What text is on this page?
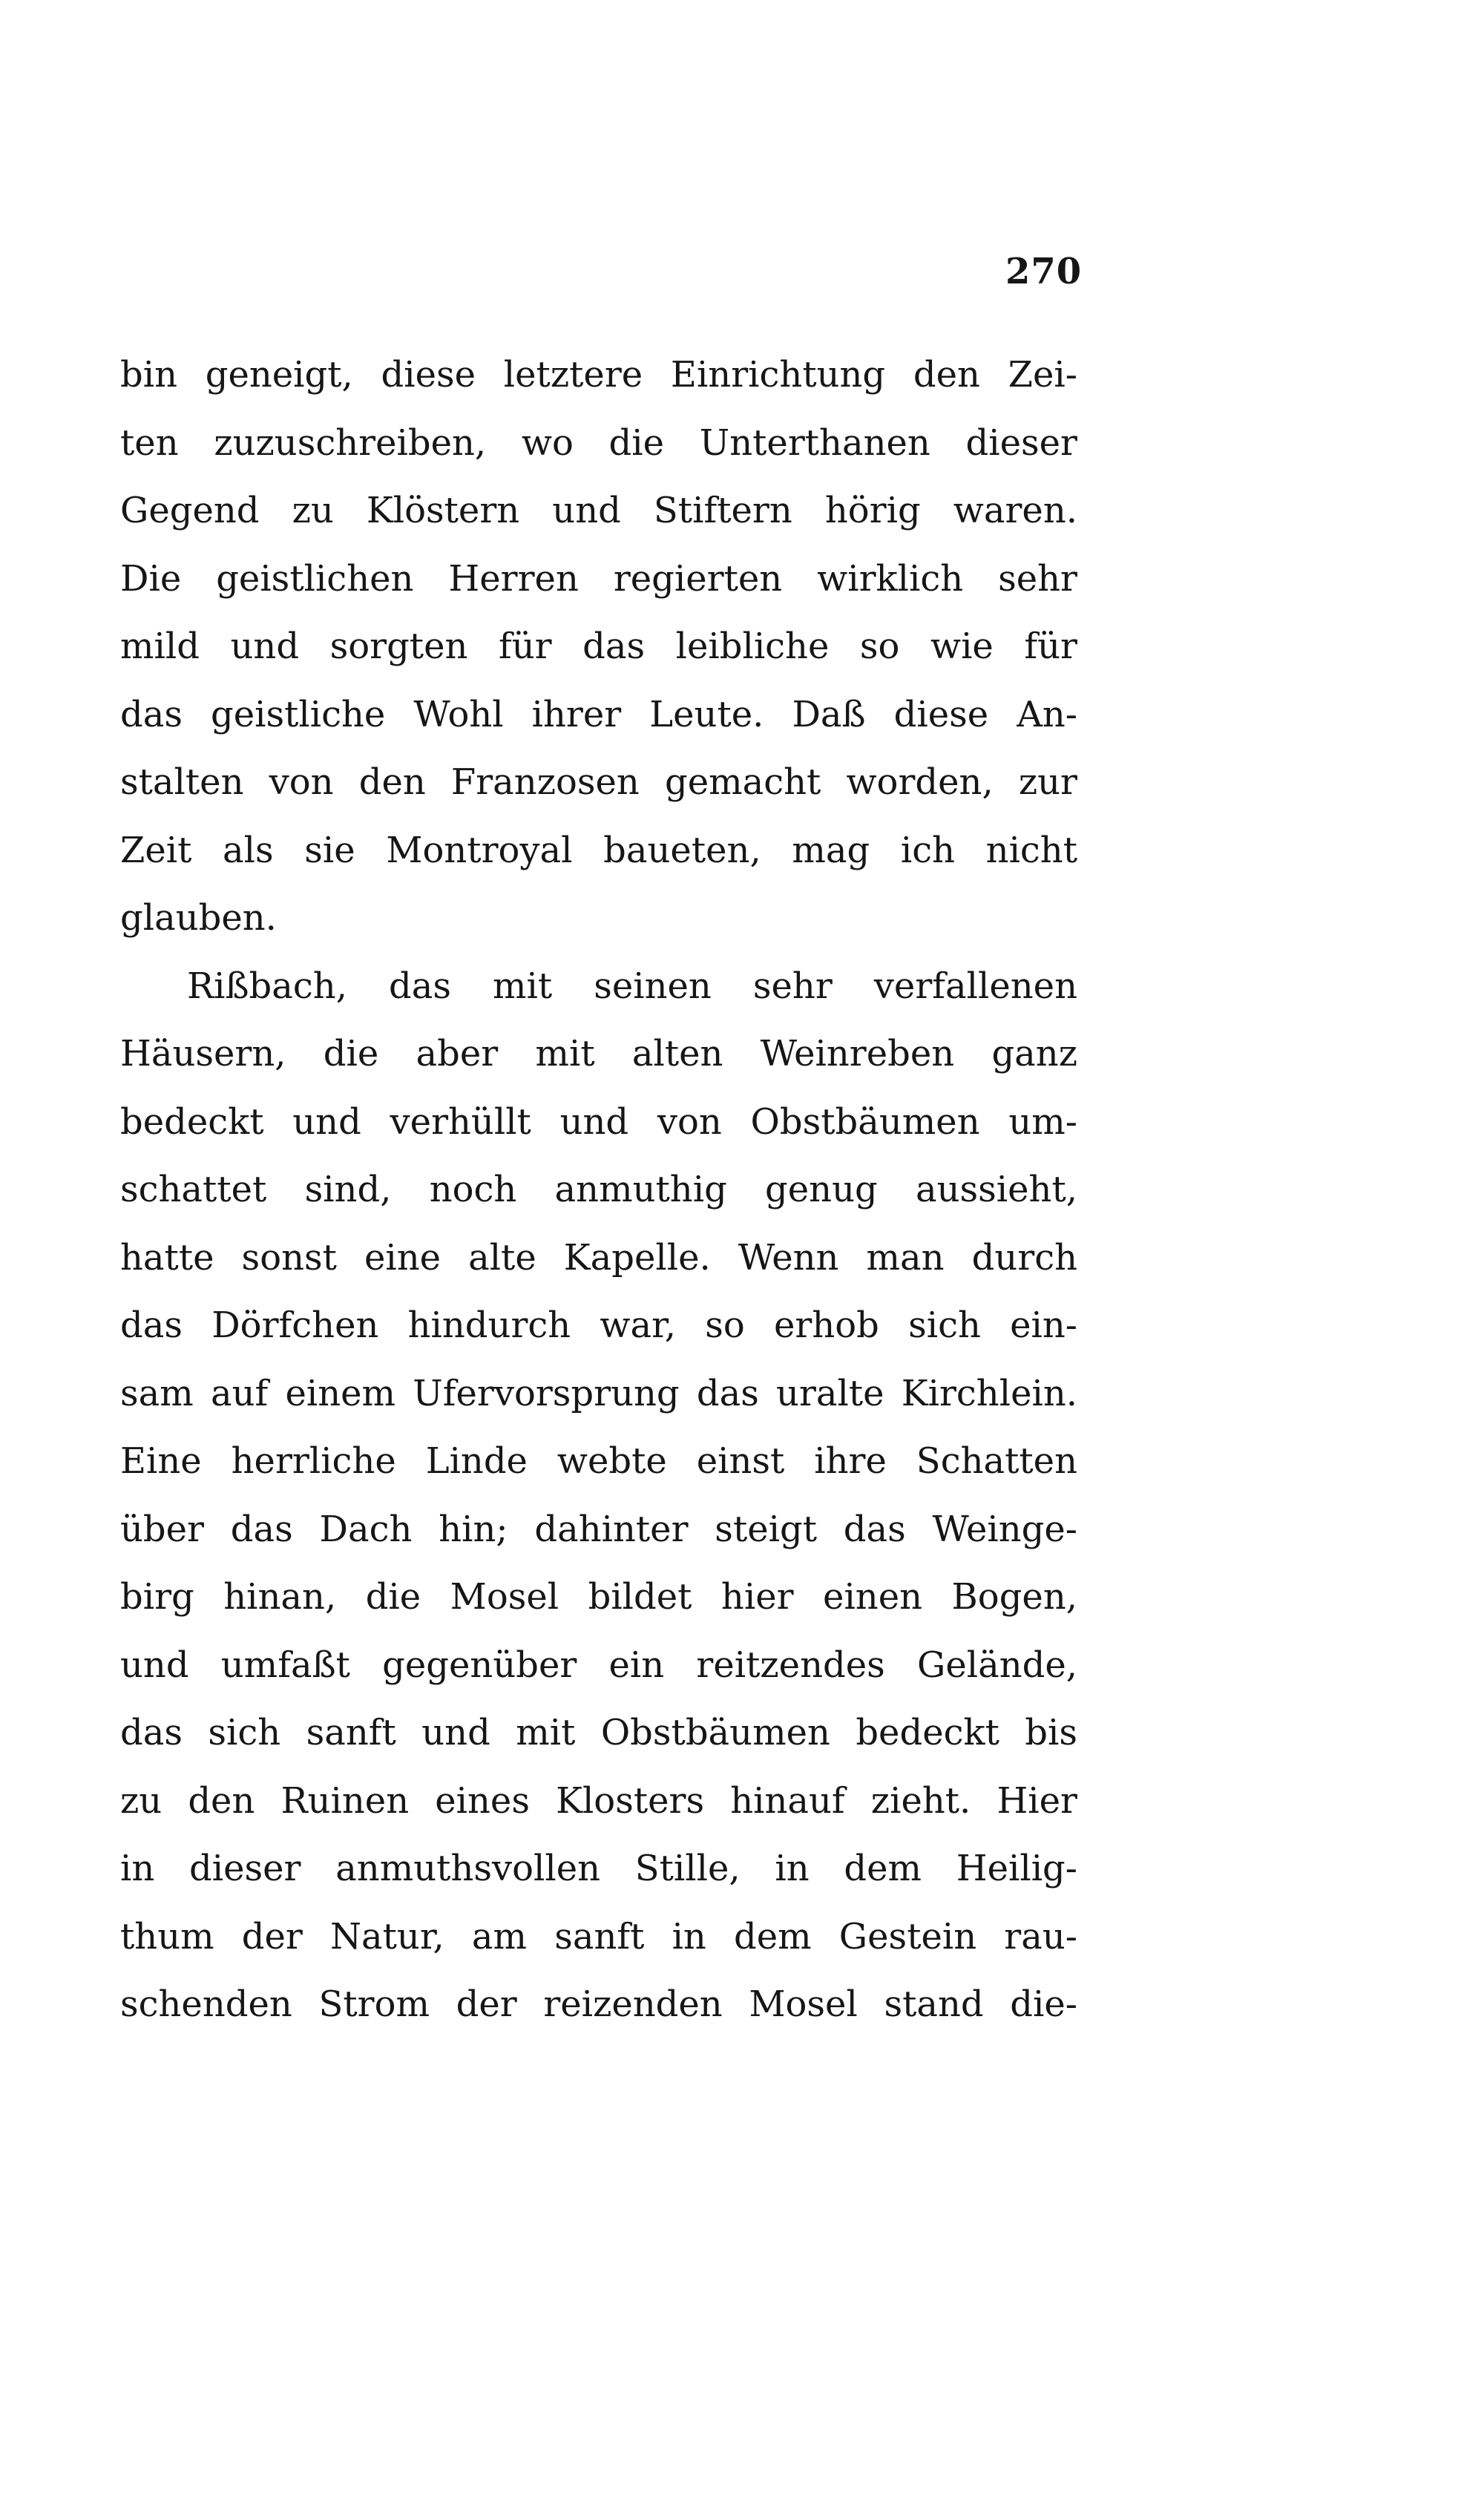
270
bin geneigt, diese letztere Einrichtung den Zei-
ten zuzuschreiben, wo die Unterthanen dieser
Gegend zu Klöstern und Stiftern hörig waren.
Die geistlichen Herren regierten wirklich sehr
mild und sorgten für das leibliche so wie für
das geistliche Wohl ihrer Leute. Daß diese An-
stalten von den Franzosen gemacht worden, zur
Zeit als sie Montroyal baueten, mag ich nicht
glauben.
Rißbach, das mit seinen sehr verfallenen
Häusern, die aber mit alten Weinreben ganz
bedeckt und verhüllt und von Obstbäumen um-
schattet sind, noch anmuthig genug aussieht,
hatte sonst eine alte Kapelle. Wenn man durch
das Dörfchen hindurch war, so erhob sich ein-
sam auf einem Ufervorsprung das uralte Kirchlein.
Eine herrliche Linde webte einst ihre Schatten
über das Dach hin; dahinter steigt das Weinge-
birg hinan, die Mosel bildet hier einen Bogen,
und umfaßt gegenüber ein reitzendes Gelände,
das sich sanft und mit Obstbäumen bedeckt bis
zu den Ruinen eines Klosters hinauf zieht. Hier
in dieser anmuthsvollen Stille, in dem Heilig-
thum der Natur, am sanft in dem Gestein rau-
schenden Strom der reizenden Mosel stand die-
